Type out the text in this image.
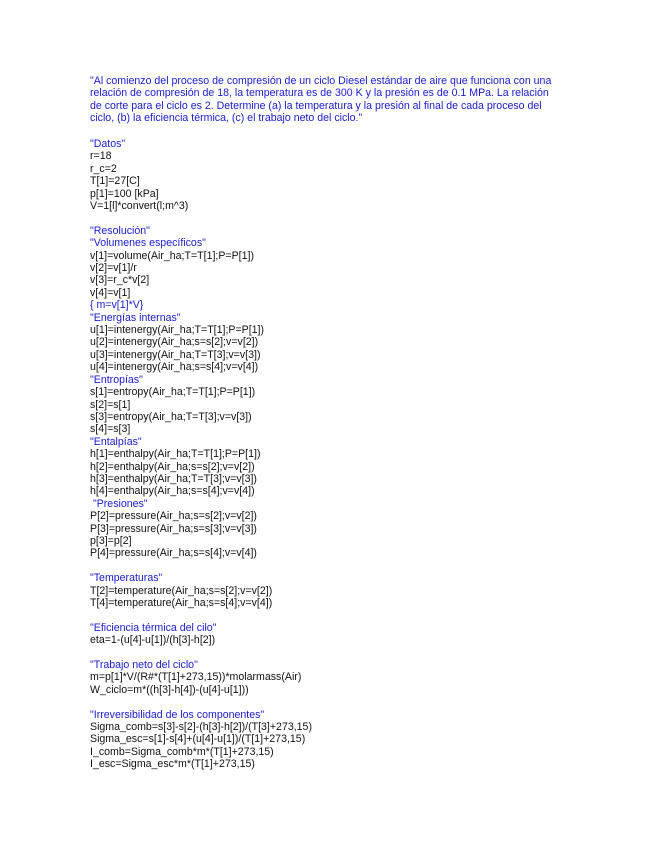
"Al comienzo del proceso de compresión de un ciclo Diesel estándar de aire que funciona con una
relación de compresión de 18, la temperatura es de 300 K y la presión es de 0.1 MPa. La relación
de corte para el ciclo es 2. Determine (a) la temperatura y la presión al final de cada proceso del
ciclo, (b) la eficiencia térmica, (c) el trabajo neto del ciclo."
"Datos"
r=18
r_c=2
T[1]=27[C]
p[1]=100 [kPa]
V=1[l]*convert(l;m^3)
"Resolución"
"Volumenes específicos"
v[1]=volume(Air_ha;T=T[1];P=P[1])
v[2]=v[1]/r
v[3]=r_c*v[2]
v[4]=v[1]
{ m=v[1]*V}
"Energías internas"
u[1]=intenergy(Air_ha;T=T[1];P=P[1])
u[2]=intenergy(Air_ha;s=s[2];v=v[2])
u[3]=intenergy(Air_ha;T=T[3];v=v[3])
u[4]=intenergy(Air_ha;s=s[4];v=v[4])
"Entropías"
s[1]=entropy(Air_ha;T=T[1];P=P[1])
s[2]=s[1]
s[3]=entropy(Air_ha;T=T[3];v=v[3])
s[4]=s[3]
"Entalpías"
h[1]=enthalpy(Air_ha;T=T[1];P=P[1])
h[2]=enthalpy(Air_ha;s=s[2];v=v[2])
h[3]=enthalpy(Air_ha;T=T[3];v=v[3])
h[4]=enthalpy(Air_ha;s=s[4];v=v[4])
"Presiones"
P[2]=pressure(Air_ha;s=s[2];v=v[2])
P[3]=pressure(Air_ha;s=s[3];v=v[3])
p[3]=p[2]
P[4]=pressure(Air_ha;s=s[4];v=v[4])
"Temperaturas"
T[2]=temperature(Air_ha;s=s[2];v=v[2])
T[4]=temperature(Air_ha;s=s[4];v=v[4])
"Eficiencia térmica del cilo"
eta=1-(u[4]-u[1])/(h[3]-h[2])
"Trabajo neto del ciclo"
m=p[1]*V/(R#*(T[1]+273,15))*molarmass(Air)
W_ciclo=m*((h[3]-h[4])-(u[4]-u[1]))
"Irreversibilidad de los componentes"
Sigma_comb=s[3]-s[2]-(h[3]-h[2])/(T[3]+273,15)
Sigma_esc=s[1]-s[4]+(u[4]-u[1])/(T[1]+273,15)
I_comb=Sigma_comb*m*(T[1]+273,15)
I_esc=Sigma_esc*m*(T[1]+273,15)
